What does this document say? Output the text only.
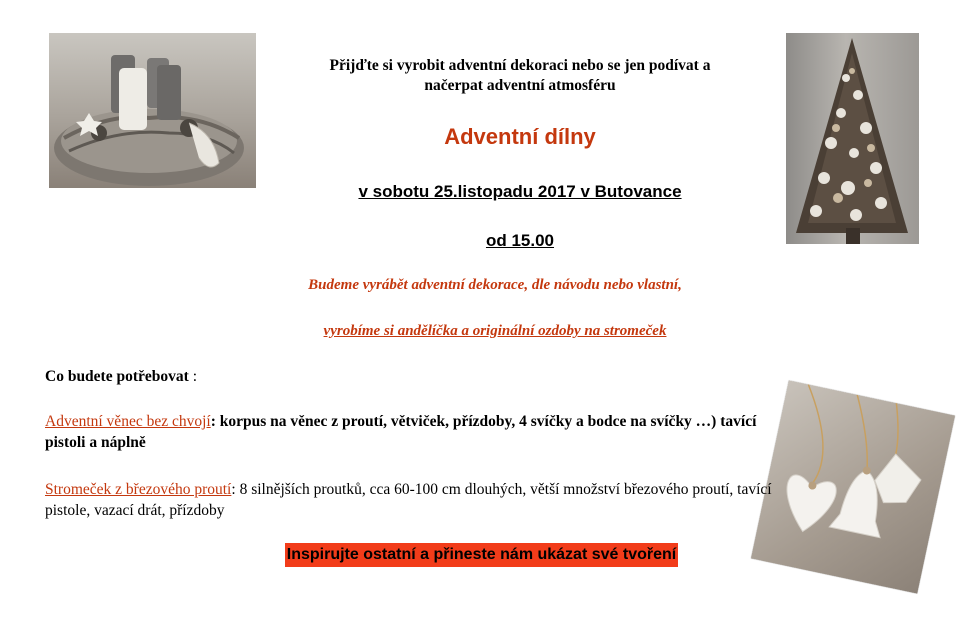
Přijďte si vyrobit adventní dekoraci nebo se jen podívat a
načerpat adventní atmosféru
Adventní dílny
v sobotu 25.listopadu 2017 v Butovance
od 15.00
Budeme vyrábět adventní dekorace, dle návodu nebo vlastní,
vyrobíme si andělíčka a originální ozdoby na stromeček
Co budete potřebovat :
Adventní věnec bez chvojí: korpus na věnec z proutí, větviček, přízdoby, 4 svíčky a bodce na svíčky …) tavící pistoli a náplně
Stromeček z březového proutí: 8 silnějších proutků, cca 60-100 cm dlouhých, větší množství březového proutí, tavící pistole, vazací drát, přízdoby
Inspirujte ostatní a přineste nám ukázat své tvoření
